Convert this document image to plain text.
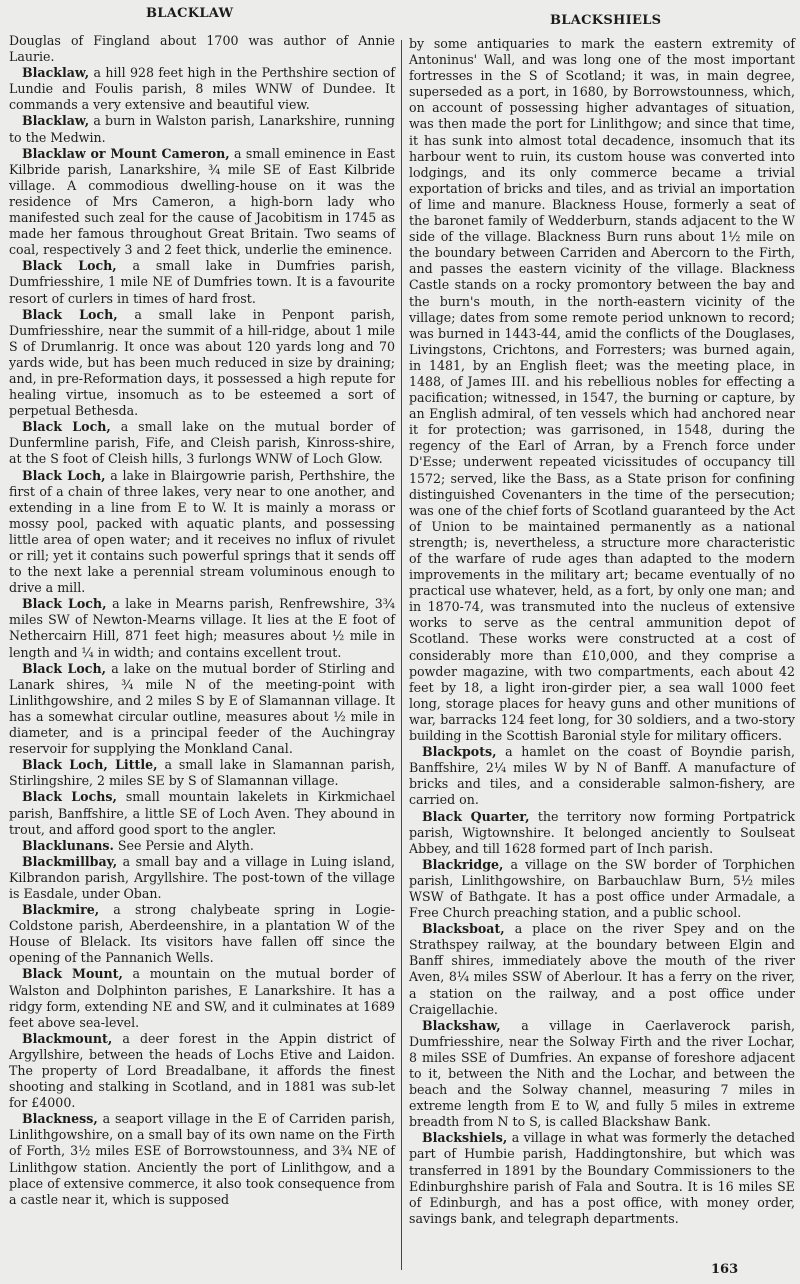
BLACKLAW	BLACKSHIELS

Douglas of Fingland about 1700 was author of Annie Laurie.

Blacklaw, a hill 928 feet high in the Perthshire section of Lundie and Foulis parish, 8 miles WNW of Dundee. It commands a very extensive and beautiful view.

Blacklaw, a burn in Walston parish, Lanarkshire, running to the Medwin.

Blacklaw or Mount Cameron, a small eminence in East Kilbride parish, Lanarkshire, ¾ mile SE of East Kilbride village. A commodious dwelling-house on it was the residence of Mrs Cameron, a high-born lady who manifested such zeal for the cause of Jacobitism in 1745 as made her famous throughout Great Britain. Two seams of coal, respectively 3 and 2 feet thick, underlie the eminence.

Black Loch, a small lake in Dumfries parish, Dumfriesshire, 1 mile NE of Dumfries town. It is a favourite resort of curlers in times of hard frost.

Black Loch, a small lake in Penpont parish, Dumfriesshire, near the summit of a hill-ridge, about 1 mile S of Drumlanrig. It once was about 120 yards long and 70 yards wide, but has been much reduced in size by draining; and, in pre-Reformation days, it possessed a high repute for healing virtue, insomuch as to be esteemed a sort of perpetual Bethesda.

Black Loch, a small lake on the mutual border of Dunfermline parish, Fife, and Cleish parish, Kinross-shire, at the S foot of Cleish hills, 3 furlongs WNW of Loch Glow.

Black Loch, a lake in Blairgowrie parish, Perthshire, the first of a chain of three lakes, very near to one another, and extending in a line from E to W. It is mainly a morass or mossy pool, packed with aquatic plants, and possessing little area of open water; and it receives no influx of rivulet or rill; yet it contains such powerful springs that it sends off to the next lake a perennial stream voluminous enough to drive a mill.

Black Loch, a lake in Mearns parish, Renfrewshire, 3¾ miles SW of Newton-Mearns village. It lies at the E foot of Nethercairn Hill, 871 feet high; measures about ½ mile in length and ¼ in width; and contains excellent trout.

Black Loch, a lake on the mutual border of Stirling and Lanark shires, ¾ mile N of the meeting-point with Linlithgowshire, and 2 miles S by E of Slamannan village. It has a somewhat circular outline, measures about ½ mile in diameter, and is a principal feeder of the Auchingray reservoir for supplying the Monkland Canal.

Black Loch, Little, a small lake in Slamannan parish, Stirlingshire, 2 miles SE by S of Slamannan village.

Black Lochs, small mountain lakelets in Kirkmichael parish, Banffshire, a little SE of Loch Aven. They abound in trout, and afford good sport to the angler.

Blacklunans. See Persie and Alyth.

Blackmillbay, a small bay and a village in Luing island, Kilbrandon parish, Argyllshire. The post-town of the village is Easdale, under Oban.

Blackmire, a strong chalybeate spring in Logie-Coldstone parish, Aberdeenshire, in a plantation W of the House of Blelack. Its visitors have fallen off since the opening of the Pannanich Wells.

Black Mount, a mountain on the mutual border of Walston and Dolphinton parishes, E Lanarkshire. It has a ridgy form, extending NE and SW, and it culminates at 1689 feet above sea-level.

Blackmount, a deer forest in the Appin district of Argyllshire, between the heads of Lochs Etive and Laidon. The property of Lord Breadalbane, it affords the finest shooting and stalking in Scotland, and in 1881 was sub-let for £4000.

Blackness, a seaport village in the E of Carriden parish, Linlithgowshire, on a small bay of its own name on the Firth of Forth, 3½ miles ESE of Borrowstounness, and 3¾ NE of Linlithgow station. Anciently the port of Linlithgow, and a place of extensive commerce, it also took consequence from a castle near it, which is supposed

by some antiquaries to mark the eastern extremity of Antoninus' Wall, and was long one of the most important fortresses in the S of Scotland; it was, in main degree, superseded as a port, in 1680, by Borrowstounness, which, on account of possessing higher advantages of situation, was then made the port for Linlithgow; and since that time, it has sunk into almost total decadence, insomuch that its harbour went to ruin, its custom house was converted into lodgings, and its only commerce became a trivial exportation of bricks and tiles, and as trivial an importation of lime and manure. Blackness House, formerly a seat of the baronet family of Wedderburn, stands adjacent to the W side of the village. Blackness Burn runs about 1½ mile on the boundary between Carriden and Abercorn to the Firth, and passes the eastern vicinity of the village. Blackness Castle stands on a rocky promontory between the bay and the burn's mouth, in the north-eastern vicinity of the village; dates from some remote period unknown to record; was burned in 1443-44, amid the conflicts of the Douglases, Livingstons, Crichtons, and Forresters; was burned again, in 1481, by an English fleet; was the meeting place, in 1488, of James III. and his rebellious nobles for effecting a pacification; witnessed, in 1547, the burning or capture, by an English admiral, of ten vessels which had anchored near it for protection; was garrisoned, in 1548, during the regency of the Earl of Arran, by a French force under D'Esse; underwent repeated vicissitudes of occupancy till 1572; served, like the Bass, as a State prison for confining distinguished Covenanters in the time of the persecution; was one of the chief forts of Scotland guaranteed by the Act of Union to be maintained permanently as a national strength; is, nevertheless, a structure more characteristic of the warfare of rude ages than adapted to the modern improvements in the military art; became eventually of no practical use whatever, held, as a fort, by only one man; and in 1870-74, was transmuted into the nucleus of extensive works to serve as the central ammunition depot of Scotland. These works were constructed at a cost of considerably more than £10,000, and they comprise a powder magazine, with two compartments, each about 42 feet by 18, a light iron-girder pier, a sea wall 1000 feet long, storage places for heavy guns and other munitions of war, barracks 124 feet long, for 30 soldiers, and a two-story building in the Scottish Baronial style for military officers.

Blackpots, a hamlet on the coast of Boyndie parish, Banffshire, 2¼ miles W by N of Banff. A manufacture of bricks and tiles, and a considerable salmon-fishery, are carried on.

Black Quarter, the territory now forming Portpatrick parish, Wigtownshire. It belonged anciently to Soulseat Abbey, and till 1628 formed part of Inch parish.

Blackridge, a village on the SW border of Torphichen parish, Linlithgowshire, on Barbauchlaw Burn, 5½ miles WSW of Bathgate. It has a post office under Armadale, a Free Church preaching station, and a public school.

Blacksboat, a place on the river Spey and on the Strathspey railway, at the boundary between Elgin and Banff shires, immediately above the mouth of the river Aven, 8¼ miles SSW of Aberlour. It has a ferry on the river, a station on the railway, and a post office under Craigellachie.

Blackshaw, a village in Caerlaverock parish, Dumfriesshire, near the Solway Firth and the river Lochar, 8 miles SSE of Dumfries. An expanse of foreshore adjacent to it, between the Nith and the Lochar, and between the beach and the Solway channel, measuring 7 miles in extreme length from E to W, and fully 5 miles in extreme breadth from N to S, is called Blackshaw Bank.

Blackshiels, a village in what was formerly the detached part of Humbie parish, Haddingtonshire, but which was transferred in 1891 by the Boundary Commissioners to the Edinburghshire parish of Fala and Soutra. It is 16 miles SE of Edinburgh, and has a post office, with money order, savings bank, and telegraph departments.

163
